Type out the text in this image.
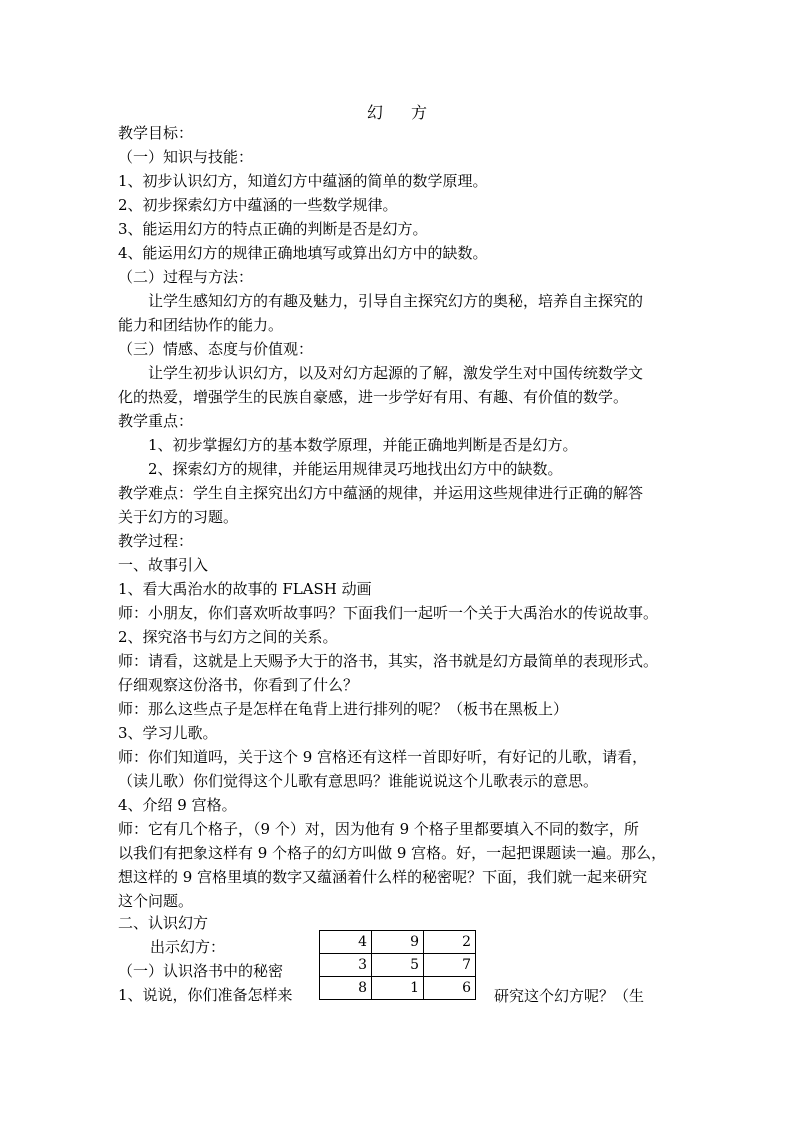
幻 方
教学目标：
（一）知识与技能：
1、初步认识幻方，知道幻方中蕴涵的简单的数学原理。
2、初步探索幻方中蕴涵的一些数学规律。
3、能运用幻方的特点正确的判断是否是幻方。
4、能运用幻方的规律正确地填写或算出幻方中的缺数。
（二）过程与方法：
让学生感知幻方的有趣及魅力，引导自主探究幻方的奥秘，培养自主探究的
能力和团结协作的能力。
（三）情感、态度与价值观：
让学生初步认识幻方，以及对幻方起源的了解，激发学生对中国传统数学文
化的热爱，增强学生的民族自豪感，进一步学好有用、有趣、有价值的数学。
教学重点：
1、初步掌握幻方的基本数学原理，并能正确地判断是否是幻方。
2、探索幻方的规律，并能运用规律灵巧地找出幻方中的缺数。
教学难点：学生自主探究出幻方中蕴涵的规律，并运用这些规律进行正确的解答
关于幻方的习题。
教学过程：
一、故事引入
1、看大禹治水的故事的 FLASH 动画
师：小朋友，你们喜欢听故事吗？下面我们一起听一个关于大禹治水的传说故事。
2、探究洛书与幻方之间的关系。
师：请看，这就是上天赐予大于的洛书，其实，洛书就是幻方最简单的表现形式。
仔细观察这份洛书，你看到了什么？
师：那么这些点子是怎样在龟背上进行排列的呢？（板书在黑板上）
3、学习儿歌。
师：你们知道吗，关于这个 9 宫格还有这样一首即好听，有好记的儿歌，请看，
（读儿歌）你们觉得这个儿歌有意思吗？谁能说说这个儿歌表示的意思。
4、介绍 9 宫格。
师：它有几个格子，（9 个）对，因为他有 9 个格子里都要填入不同的数字，所
以我们有把象这样有 9 个格子的幻方叫做 9 宫格。好，一起把课题读一遍。那么，
想这样的 9 宫格里填的数字又蕴涵着什么样的秘密呢？下面，我们就一起来研究
这个问题。
二、认识幻方
出示幻方：
（一）认识洛书中的秘密
1、说说，你们准备怎样来	研究这个幻方呢？（生
4	9	2
3	5	7
8	1	6
